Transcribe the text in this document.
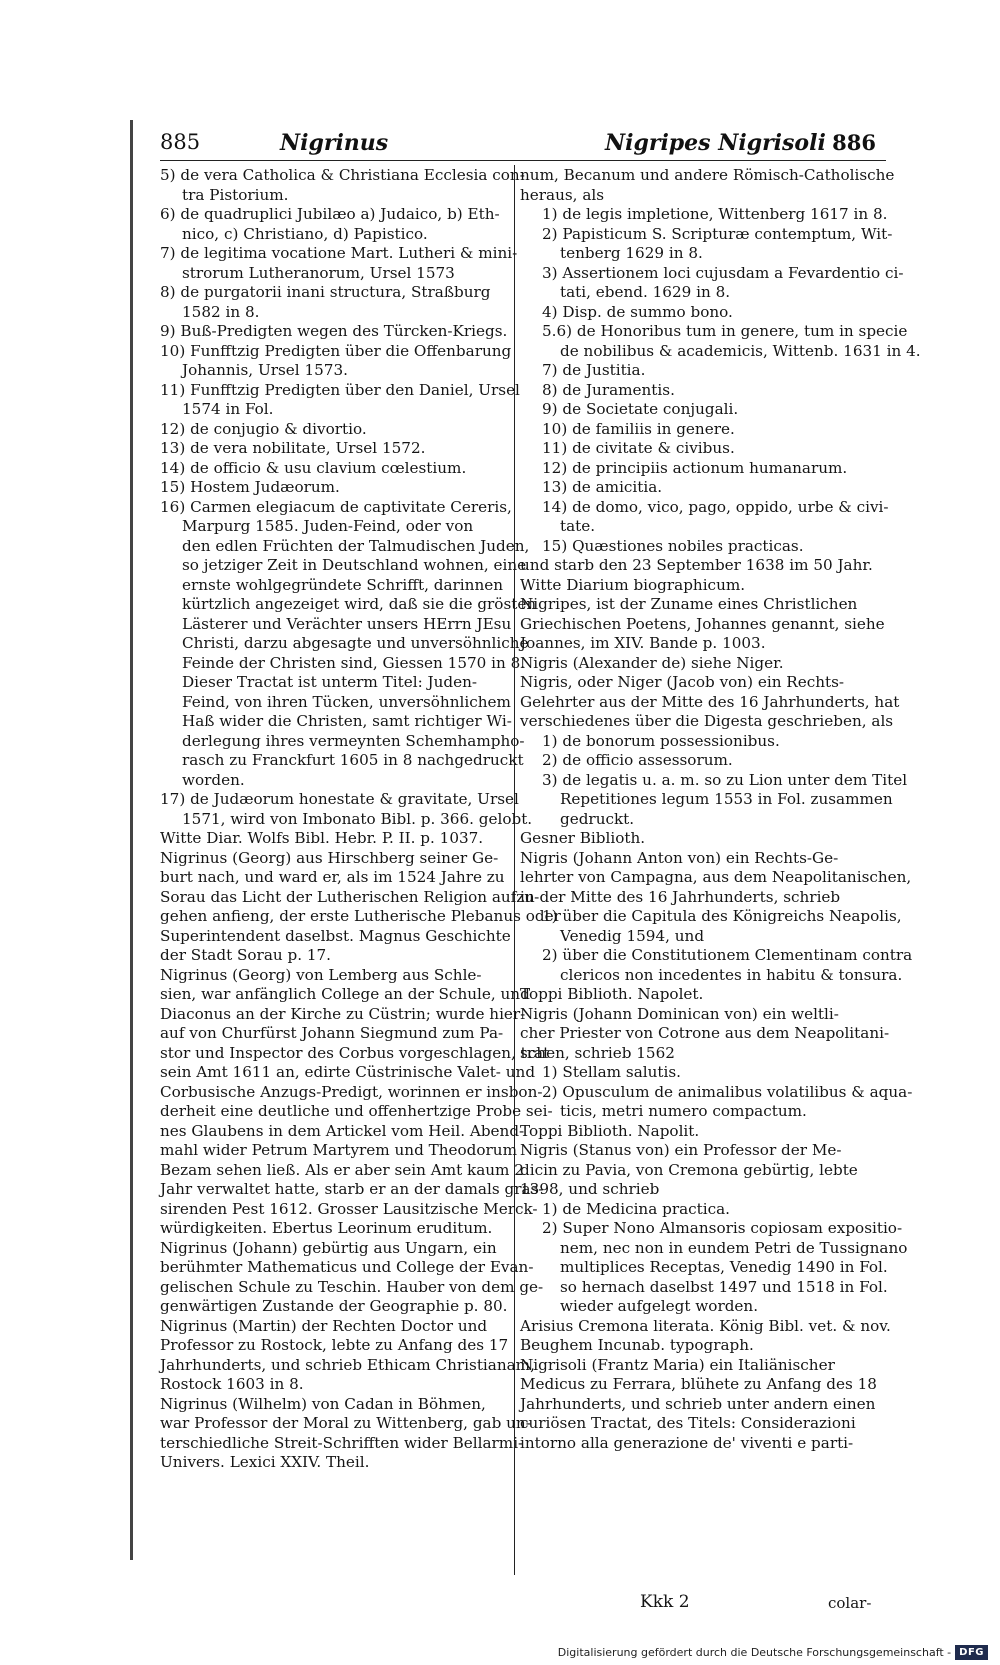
885	Nigrinus	Nigripes Nigrisoli 886

5) de vera Catholica & Christiana Ecclesia con-

tra Pistorium.

6) de quadruplici Jubilæo a) Judaico, b) Eth-

nico, c) Christiano, d) Papistico.

7) de legitima vocatione Mart. Lutheri & mini-

strorum Lutheranorum, Ursel 1573

8) de purgatorii inani structura, Straßburg

1582 in 8.

9) Buß-Predigten wegen des Türcken-Kriegs.

10) Funfftzig Predigten über die Offenbarung

Johannis, Ursel 1573.

11) Funfftzig Predigten über den Daniel, Ursel

1574 in Fol.

12) de conjugio & divortio.

13) de vera nobilitate, Ursel 1572.

14) de officio & usu clavium cœlestium.

15) Hostem Judæorum.

16) Carmen elegiacum de captivitate Cereris,

Marpurg 1585. Juden-Feind, oder von

den edlen Früchten der Talmudischen Juden,

so jetziger Zeit in Deutschland wohnen, eine

ernste wohlgegründete Schrifft, darinnen

kürtzlich angezeiget wird, daß sie die grösten

Lästerer und Verächter unsers HErrn JEsu

Christi, darzu abgesagte und unversöhnliche

Feinde der Christen sind, Giessen 1570 in 8.

Dieser Tractat ist unterm Titel: Juden-

Feind, von ihren Tücken, unversöhnlichem

Haß wider die Christen, samt richtiger Wi-

derlegung ihres vermeynten Schemhampho-

rasch zu Franckfurt 1605 in 8 nachgedruckt

worden.

17) de Judæorum honestate & gravitate, Ursel

1571, wird von Imbonato Bibl. p. 366. gelobt.

Witte Diar. Wolfs Bibl. Hebr. P. II. p. 1037.

Nigrinus (Georg) aus Hirschberg seiner Ge-

burt nach, und ward er, als im 1524 Jahre zu

Sorau das Licht der Lutherischen Religion aufzu-

gehen anfieng, der erste Lutherische Plebanus oder

Superintendent daselbst. Magnus Geschichte

der Stadt Sorau p. 17.

Nigrinus (Georg) von Lemberg aus Schle-

sien, war anfänglich College an der Schule, und

Diaconus an der Kirche zu Cüstrin; wurde hier-

auf von Churfürst Johann Siegmund zum Pa-

stor und Inspector des Corbus vorgeschlagen, trat

sein Amt 1611 an, edirte Cüstrinische Valet- und

Corbusische Anzugs-Predigt, worinnen er insbon-

derheit eine deutliche und offenhertzige Probe sei-

nes Glaubens in dem Artickel vom Heil. Abend-

mahl wider Petrum Martyrem und Theodorum

Bezam sehen ließ. Als er aber sein Amt kaum 2

Jahr verwaltet hatte, starb er an der damals gras-

sirenden Pest 1612. Grosser Lausitzische Merck-

würdigkeiten. Ebertus Leorinum eruditum.

Nigrinus (Johann) gebürtig aus Ungarn, ein

berühmter Mathematicus und College der Evan-

gelischen Schule zu Teschin. Hauber von dem ge-

genwärtigen Zustande der Geographie p. 80.

Nigrinus (Martin) der Rechten Doctor und

Professor zu Rostock, lebte zu Anfang des 17

Jahrhunderts, und schrieb Ethicam Christianam,

Rostock 1603 in 8.

Nigrinus (Wilhelm) von Cadan in Böhmen,

war Professor der Moral zu Wittenberg, gab un-

terschiedliche Streit-Schrifften wider Bellarmi-

Univers. Lexici XXIV. Theil.

num, Becanum und andere Römisch-Catholische

heraus, als

1) de legis impletione, Wittenberg 1617 in 8.

2) Papisticum S. Scripturæ contemptum, Wit-

tenberg 1629 in 8.

3) Assertionem loci cujusdam a Fevardentio ci-

tati, ebend. 1629 in 8.

4) Disp. de summo bono.

5.6) de Honoribus tum in genere, tum in specie

de nobilibus & academicis, Wittenb. 1631 in 4.

7) de Justitia.

8) de Juramentis.

9) de Societate conjugali.

10) de familiis in genere.

11) de civitate & civibus.

12) de principiis actionum humanarum.

13) de amicitia.

14) de domo, vico, pago, oppido, urbe & civi-

tate.

15) Quæstiones nobiles practicas.

und starb den 23 September 1638 im 50 Jahr.

Witte Diarium biographicum.

Nigripes, ist der Zuname eines Christlichen

Griechischen Poetens, Johannes genannt, siehe

Joannes, im XIV. Bande p. 1003.

Nigris (Alexander de) siehe Niger.

Nigris, oder Niger (Jacob von) ein Rechts-

Gelehrter aus der Mitte des 16 Jahrhunderts, hat

verschiedenes über die Digesta geschrieben, als

1) de bonorum possessionibus.

2) de officio assessorum.

3) de legatis u. a. m. so zu Lion unter dem Titel

Repetitiones legum 1553 in Fol. zusammen

gedruckt.

Gesner Biblioth.

Nigris (Johann Anton von) ein Rechts-Ge-

lehrter von Campagna, aus dem Neapolitanischen,

in der Mitte des 16 Jahrhunderts, schrieb

1) über die Capitula des Königreichs Neapolis,

Venedig 1594, und

2) über die Constitutionem Clementinam contra

clericos non incedentes in habitu & tonsura.

Toppi Biblioth. Napolet.

Nigris (Johann Dominican von) ein weltli-

cher Priester von Cotrone aus dem Neapolitani-

schen, schrieb 1562

1) Stellam salutis.

2) Opusculum de animalibus volatilibus & aqua-

ticis, metri numero compactum.

Toppi Biblioth. Napolit.

Nigris (Stanus von) ein Professor der Me-

dicin zu Pavia, von Cremona gebürtig, lebte

1398, und schrieb

1) de Medicina practica.

2) Super Nono Almansoris copiosam expositio-

nem, nec non in eundem Petri de Tussignano

multiplices Receptas, Venedig 1490 in Fol.

so hernach daselbst 1497 und 1518 in Fol.

wieder aufgelegt worden.

Arisius Cremona literata. König Bibl. vet. & nov.

Beughem Incunab. typograph.

Nigrisoli (Frantz Maria) ein Italiänischer

Medicus zu Ferrara, blühete zu Anfang des 18

Jahrhunderts, und schrieb unter andern einen

curiösen Tractat, des Titels: Considerazioni

intorno alla generazione de' viventi e parti-

Kkk 2	colar-
Digitalisierung gefördert durch die Deutsche Forschungsgemeinschaft - DFG
